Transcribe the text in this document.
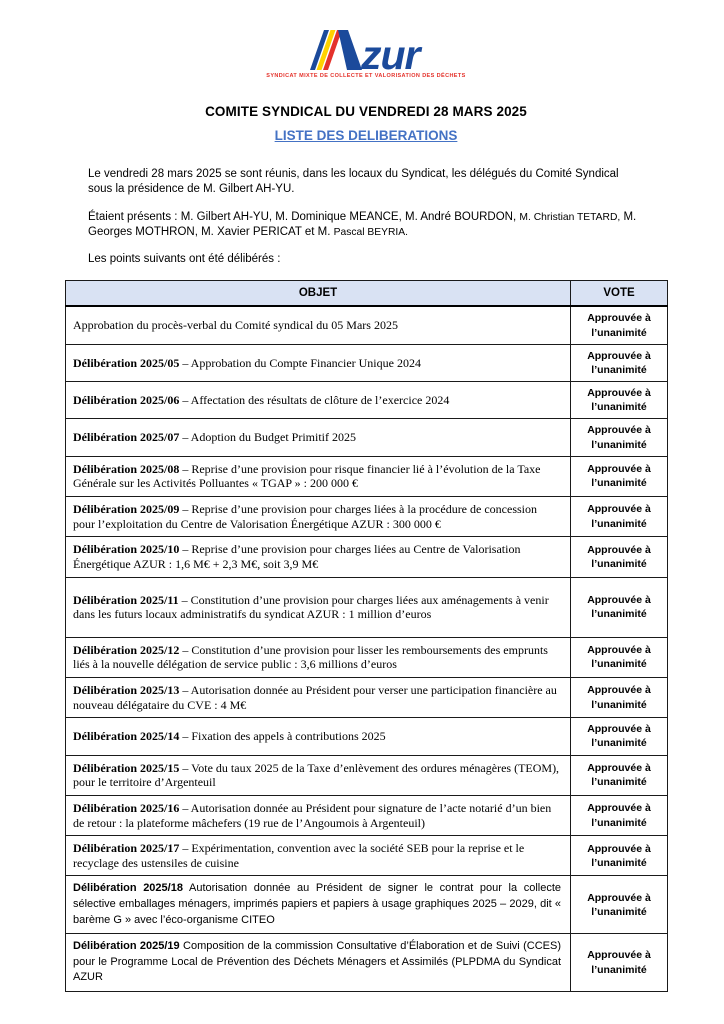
zur
SYNDICAT MIXTE DE COLLECTE ET VALORISATION DES DÉCHETS
COMITE SYNDICAL DU VENDREDI 28 MARS 2025
LISTE DES DELIBERATIONS

Le vendredi 28 mars 2025 se sont réunis, dans les locaux du Syndicat, les délégués du Comité Syndical sous la présidence de M. Gilbert AH-YU.

Étaient présents : M. Gilbert AH-YU, M. Dominique MEANCE, M. André BOURDON, M. Christian TETARD, M. Georges MOTHRON, M. Xavier PERICAT et M. Pascal BEYRIA.

Les points suivants ont été délibérés :

OBJET	VOTE
Approbation du procès-verbal du Comité syndical du 05 Mars 2025	Approuvée à l’unanimité
Délibération 2025/05 – Approbation du Compte Financier Unique 2024	Approuvée à l’unanimité
Délibération 2025/06 – Affectation des résultats de clôture de l’exercice 2024	Approuvée à l’unanimité
Délibération 2025/07 – Adoption du Budget Primitif 2025	Approuvée à l’unanimité
Délibération 2025/08 – Reprise d’une provision pour risque financier lié à l’évolution de la Taxe Générale sur les Activités Polluantes « TGAP » : 200 000 €	Approuvée à l’unanimité
Délibération 2025/09 – Reprise d’une provision pour charges liées à la procédure de concession pour l’exploitation du Centre de Valorisation Énergétique AZUR : 300 000 €	Approuvée à l’unanimité
Délibération 2025/10 – Reprise d’une provision pour charges liées au Centre de Valorisation Énergétique AZUR : 1,6 M€ + 2,3 M€, soit 3,9 M€	Approuvée à l’unanimité
Délibération 2025/11 – Constitution d’une provision pour charges liées aux aménagements à venir dans les futurs locaux administratifs du syndicat AZUR : 1 million d’euros	Approuvée à l’unanimité
Délibération 2025/12 – Constitution d’une provision pour lisser les remboursements des emprunts liés à la nouvelle délégation de service public : 3,6 millions d’euros	Approuvée à l’unanimité
Délibération 2025/13 – Autorisation donnée au Président pour verser une participation financière au nouveau délégataire du CVE : 4 M€	Approuvée à l’unanimité
Délibération 2025/14 – Fixation des appels à contributions 2025	Approuvée à l’unanimité
Délibération 2025/15 – Vote du taux 2025 de la Taxe d’enlèvement des ordures ménagères (TEOM), pour le territoire d’Argenteuil	Approuvée à l’unanimité
Délibération 2025/16 – Autorisation donnée au Président pour signature de l’acte notarié d’un bien de retour : la plateforme mâchefers (19 rue de l’Angoumois à Argenteuil)	Approuvée à l’unanimité
Délibération 2025/17 – Expérimentation, convention avec la société SEB pour la reprise et le recyclage des ustensiles de cuisine	Approuvée à l’unanimité
Délibération 2025/18 Autorisation donnée au Président de signer le contrat pour la collecte sélective emballages ménagers, imprimés papiers et papiers à usage graphiques 2025 – 2029, dit « barème G » avec l’éco-organisme CITEO	Approuvée à l’unanimité
Délibération 2025/19 Composition de la commission Consultative d’Élaboration et de Suivi (CCES) pour le Programme Local de Prévention des Déchets Ménagers et Assimilés (PLPDMA du Syndicat AZUR	Approuvée à l’unanimité
